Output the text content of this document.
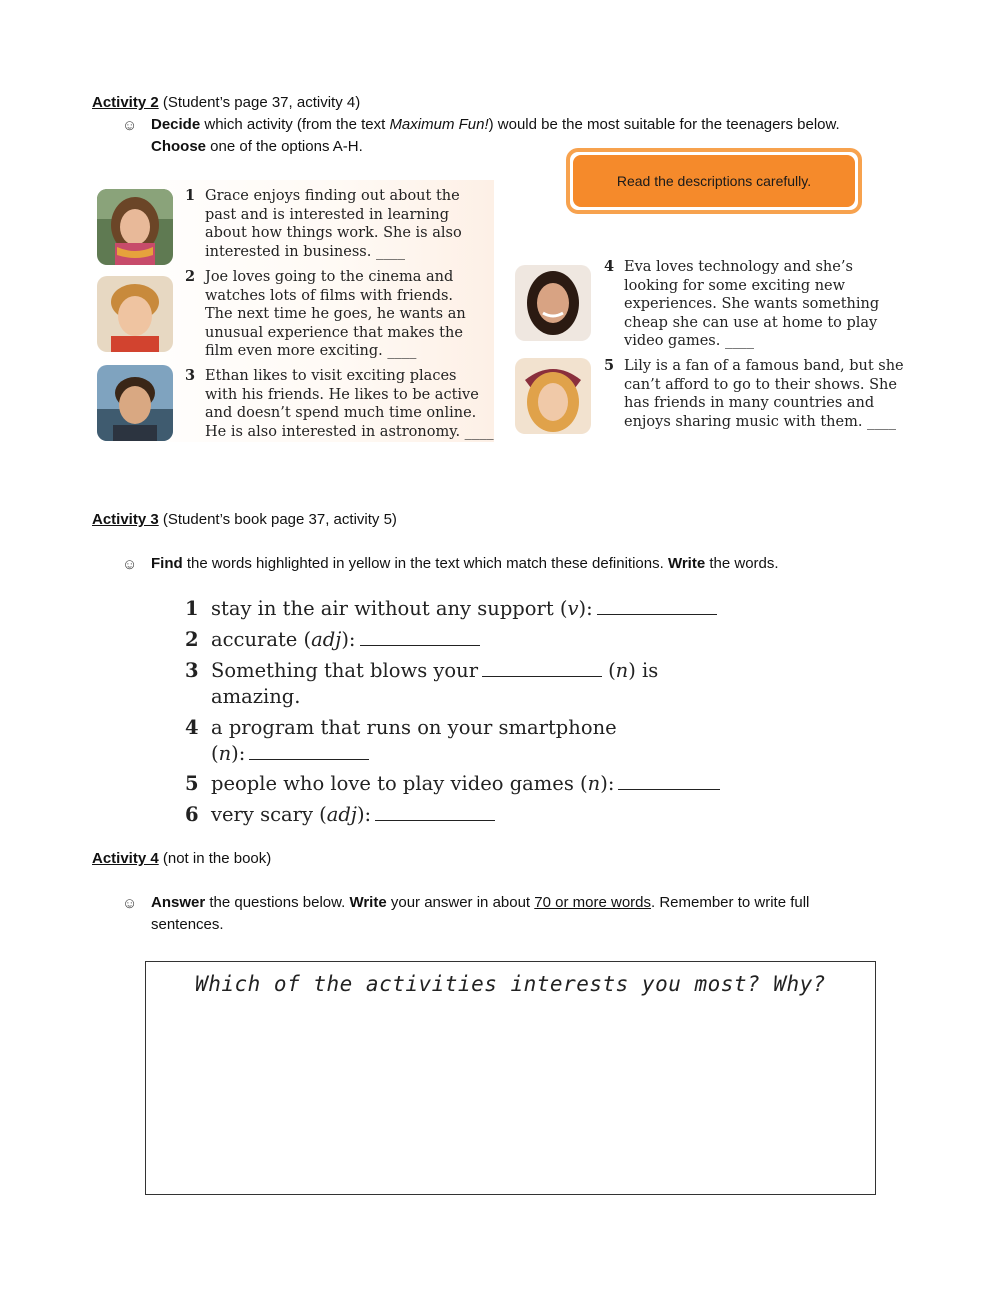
Activity 2 (Student’s page 37, activity 4)
☺ Decide which activity (from the text Maximum Fun!) would be the most suitable for the teenagers below.
Choose one of the options A-H.
Read the descriptions carefully.
1 Grace enjoys finding out about the
past and is interested in learning
about how things work. She is also
interested in business. ____
2 Joe loves going to the cinema and
watches lots of films with friends.
The next time he goes, he wants an
unusual experience that makes the
film even more exciting. ____
3 Ethan likes to visit exciting places
with his friends. He likes to be active
and doesn’t spend much time online.
He is also interested in astronomy. ____
4 Eva loves technology and she’s
looking for some exciting new
experiences. She wants something
cheap she can use at home to play
video games. ____
5 Lily is a fan of a famous band, but she
can’t afford to go to their shows. She
has friends in many countries and
enjoys sharing music with them. ____
Activity 3 (Student’s book page 37, activity 5)
☺ Find the words highlighted in yellow in the text which match these definitions. Write the words.
1 stay in the air without any support (v):
2 accurate (adj):
3 Something that blows your	(n) is
amazing.
4 a program that runs on your smartphone
(n):
5 people who love to play video games (n):
6 very scary (adj):
Activity 4 (not in the book)
☺ Answer the questions below. Write your answer in about 70 or more words. Remember to write full
sentences.
Which of the activities interests you most? Why?
